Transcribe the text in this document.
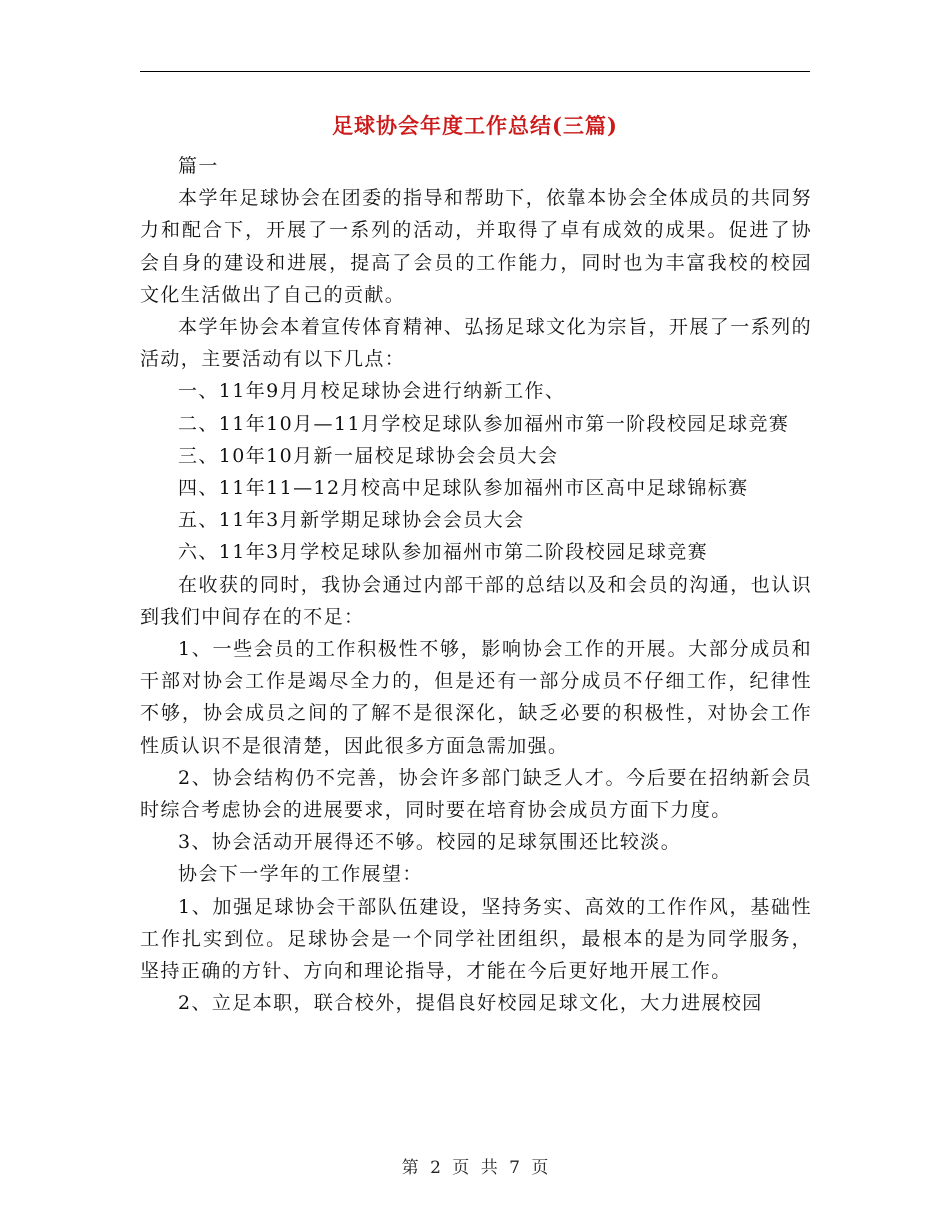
足球协会年度工作总结(三篇)

篇一

本学年足球协会在团委的指导和帮助下，依靠本协会全体成员的共同努力和配合下，开展了一系列的活动，并取得了卓有成效的成果。促进了协会自身的建设和进展，提高了会员的工作能力，同时也为丰富我校的校园文化生活做出了自己的贡献。

本学年协会本着宣传体育精神、弘扬足球文化为宗旨，开展了一系列的活动，主要活动有以下几点：

一、11年9月月校足球协会进行纳新工作、

二、11年10月—11月学校足球队参加福州市第一阶段校园足球竞赛

三、10年10月新一届校足球协会会员大会

四、11年11—12月校高中足球队参加福州市区高中足球锦标赛

五、11年3月新学期足球协会会员大会

六、11年3月学校足球队参加福州市第二阶段校园足球竞赛

在收获的同时，我协会通过内部干部的总结以及和会员的沟通，也认识到我们中间存在的不足：

1、一些会员的工作积极性不够，影响协会工作的开展。大部分成员和干部对协会工作是竭尽全力的，但是还有一部分成员不仔细工作，纪律性不够，协会成员之间的了解不是很深化，缺乏必要的积极性，对协会工作性质认识不是很清楚，因此很多方面急需加强。

2、协会结构仍不完善，协会许多部门缺乏人才。今后要在招纳新会员时综合考虑协会的进展要求，同时要在培育协会成员方面下力度。

3、协会活动开展得还不够。校园的足球氛围还比较淡。

协会下一学年的工作展望：

1、加强足球协会干部队伍建设，坚持务实、高效的工作作风，基础性工作扎实到位。足球协会是一个同学社团组织，最根本的是为同学服务，坚持正确的方针、方向和理论指导，才能在今后更好地开展工作。

2、立足本职，联合校外，提倡良好校园足球文化，大力进展校园

第 2 页 共 7 页
